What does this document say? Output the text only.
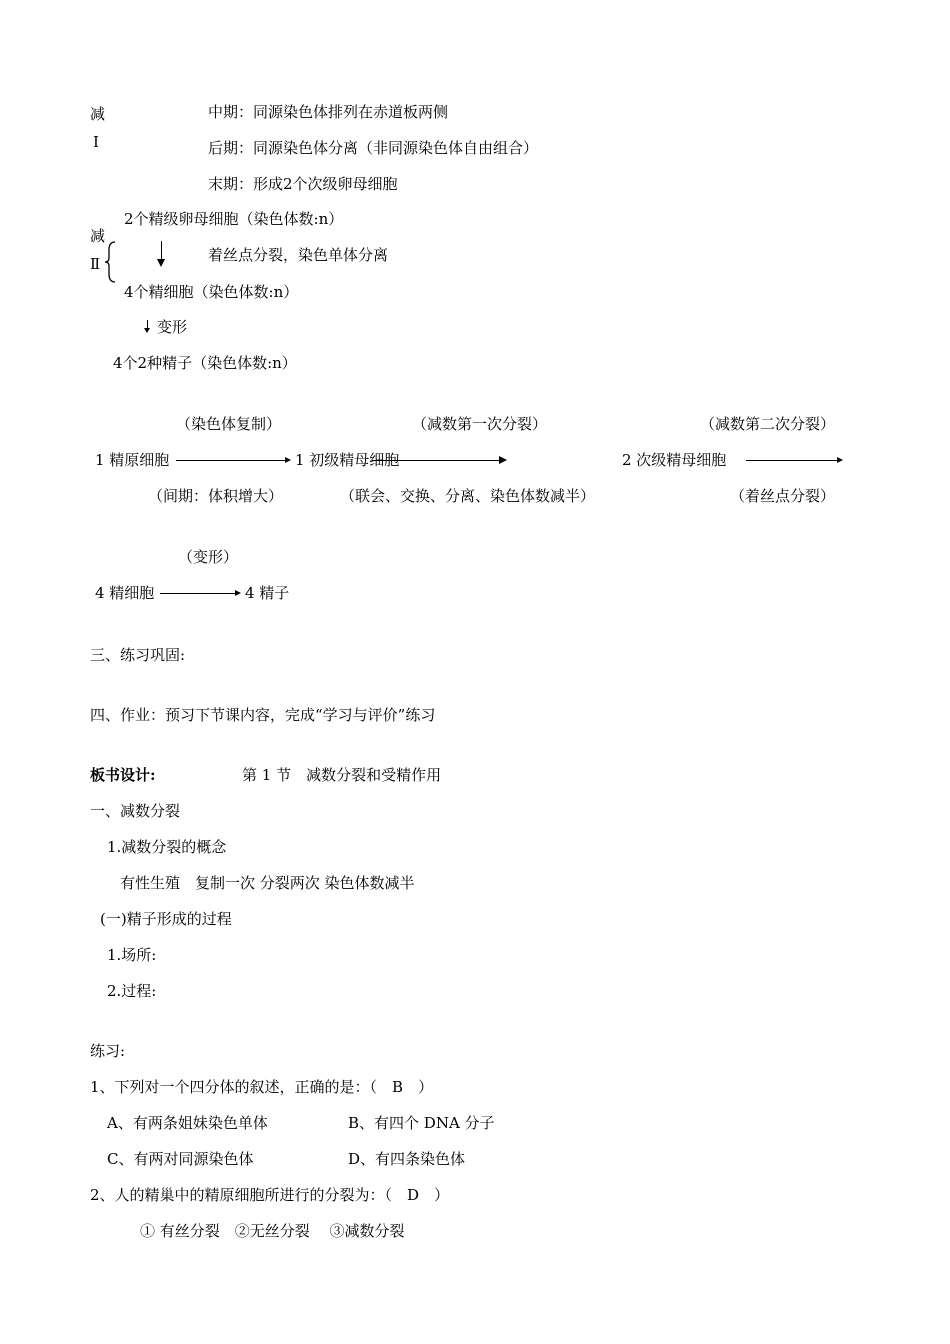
减
Ⅰ
中期：同源染色体排列在赤道板两侧
后期：同源染色体分离（非同源染色体自由组合）
末期：形成2个次级卵母细胞
2个精级卵母细胞（染色体数:n）
减
Ⅱ	着丝点分裂，染色单体分离
4个精细胞（染色体数:n）
变形
4个2种精子（染色体数:n）
（染色体复制）	（减数第一次分裂）	（减数第二次分裂）
1 精原细胞	1 初级精母细胞	2 次级精母细胞
（间期：体积增大）	（联会、交换、分离、染色体数减半）	（着丝点分裂）
（变形）
4 精细胞	4 精子
三、练习巩固:
四、作业：预习下节课内容，完成“学习与评价”练习
板书设计:	第 1 节　减数分裂和受精作用
一、减数分裂
1.减数分裂的概念
有性生殖　复制一次 分裂两次 染色体数减半
(一)精子形成的过程
1.场所:
2.过程:
练习:
1、下列对一个四分体的叙述，正确的是：（　B　）
A、有两条姐妹染色单体	B、有四个 DNA 分子
C、有两对同源染色体	D、有四条染色体
2、人的精巢中的精原细胞所进行的分裂为：（　D　）
① 有丝分裂　②无丝分裂　 ③减数分裂
